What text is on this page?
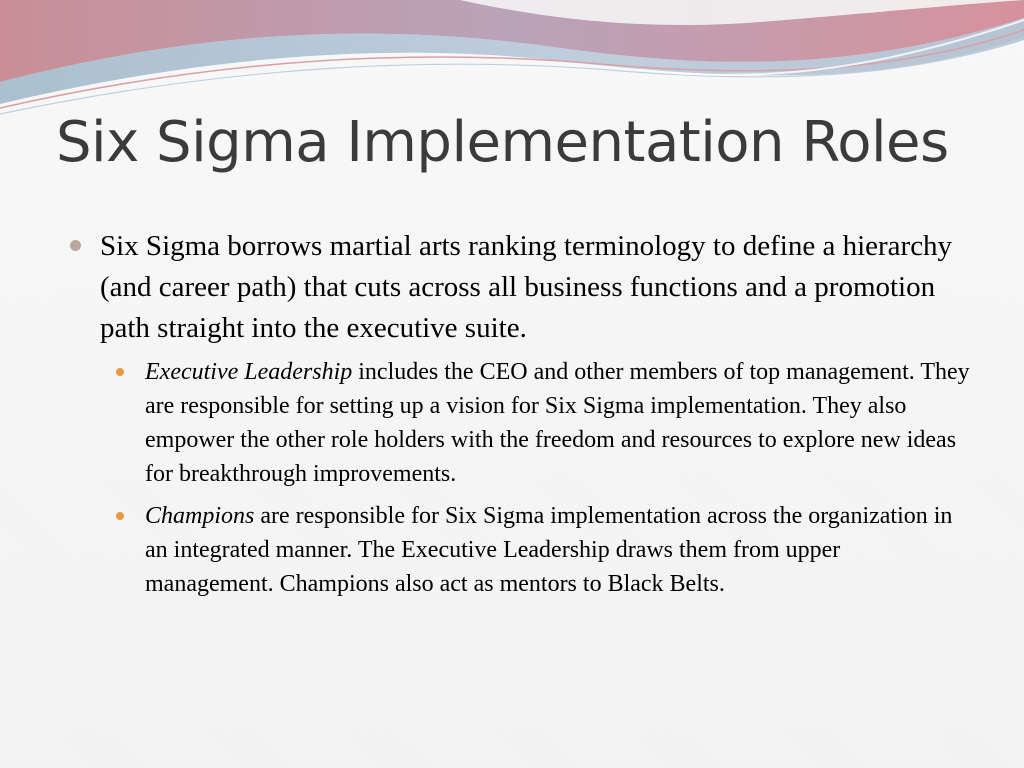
Six Sigma Implementation Roles
Six Sigma borrows martial arts ranking terminology to define a hierarchy (and career path) that cuts across all business functions and a promotion path straight into the executive suite.
Executive Leadership includes the CEO and other members of top management. They are responsible for setting up a vision for Six Sigma implementation. They also empower the other role holders with the freedom and resources to explore new ideas for breakthrough improvements.
Champions are responsible for Six Sigma implementation across the organization in an integrated manner. The Executive Leadership draws them from upper management. Champions also act as mentors to Black Belts.
